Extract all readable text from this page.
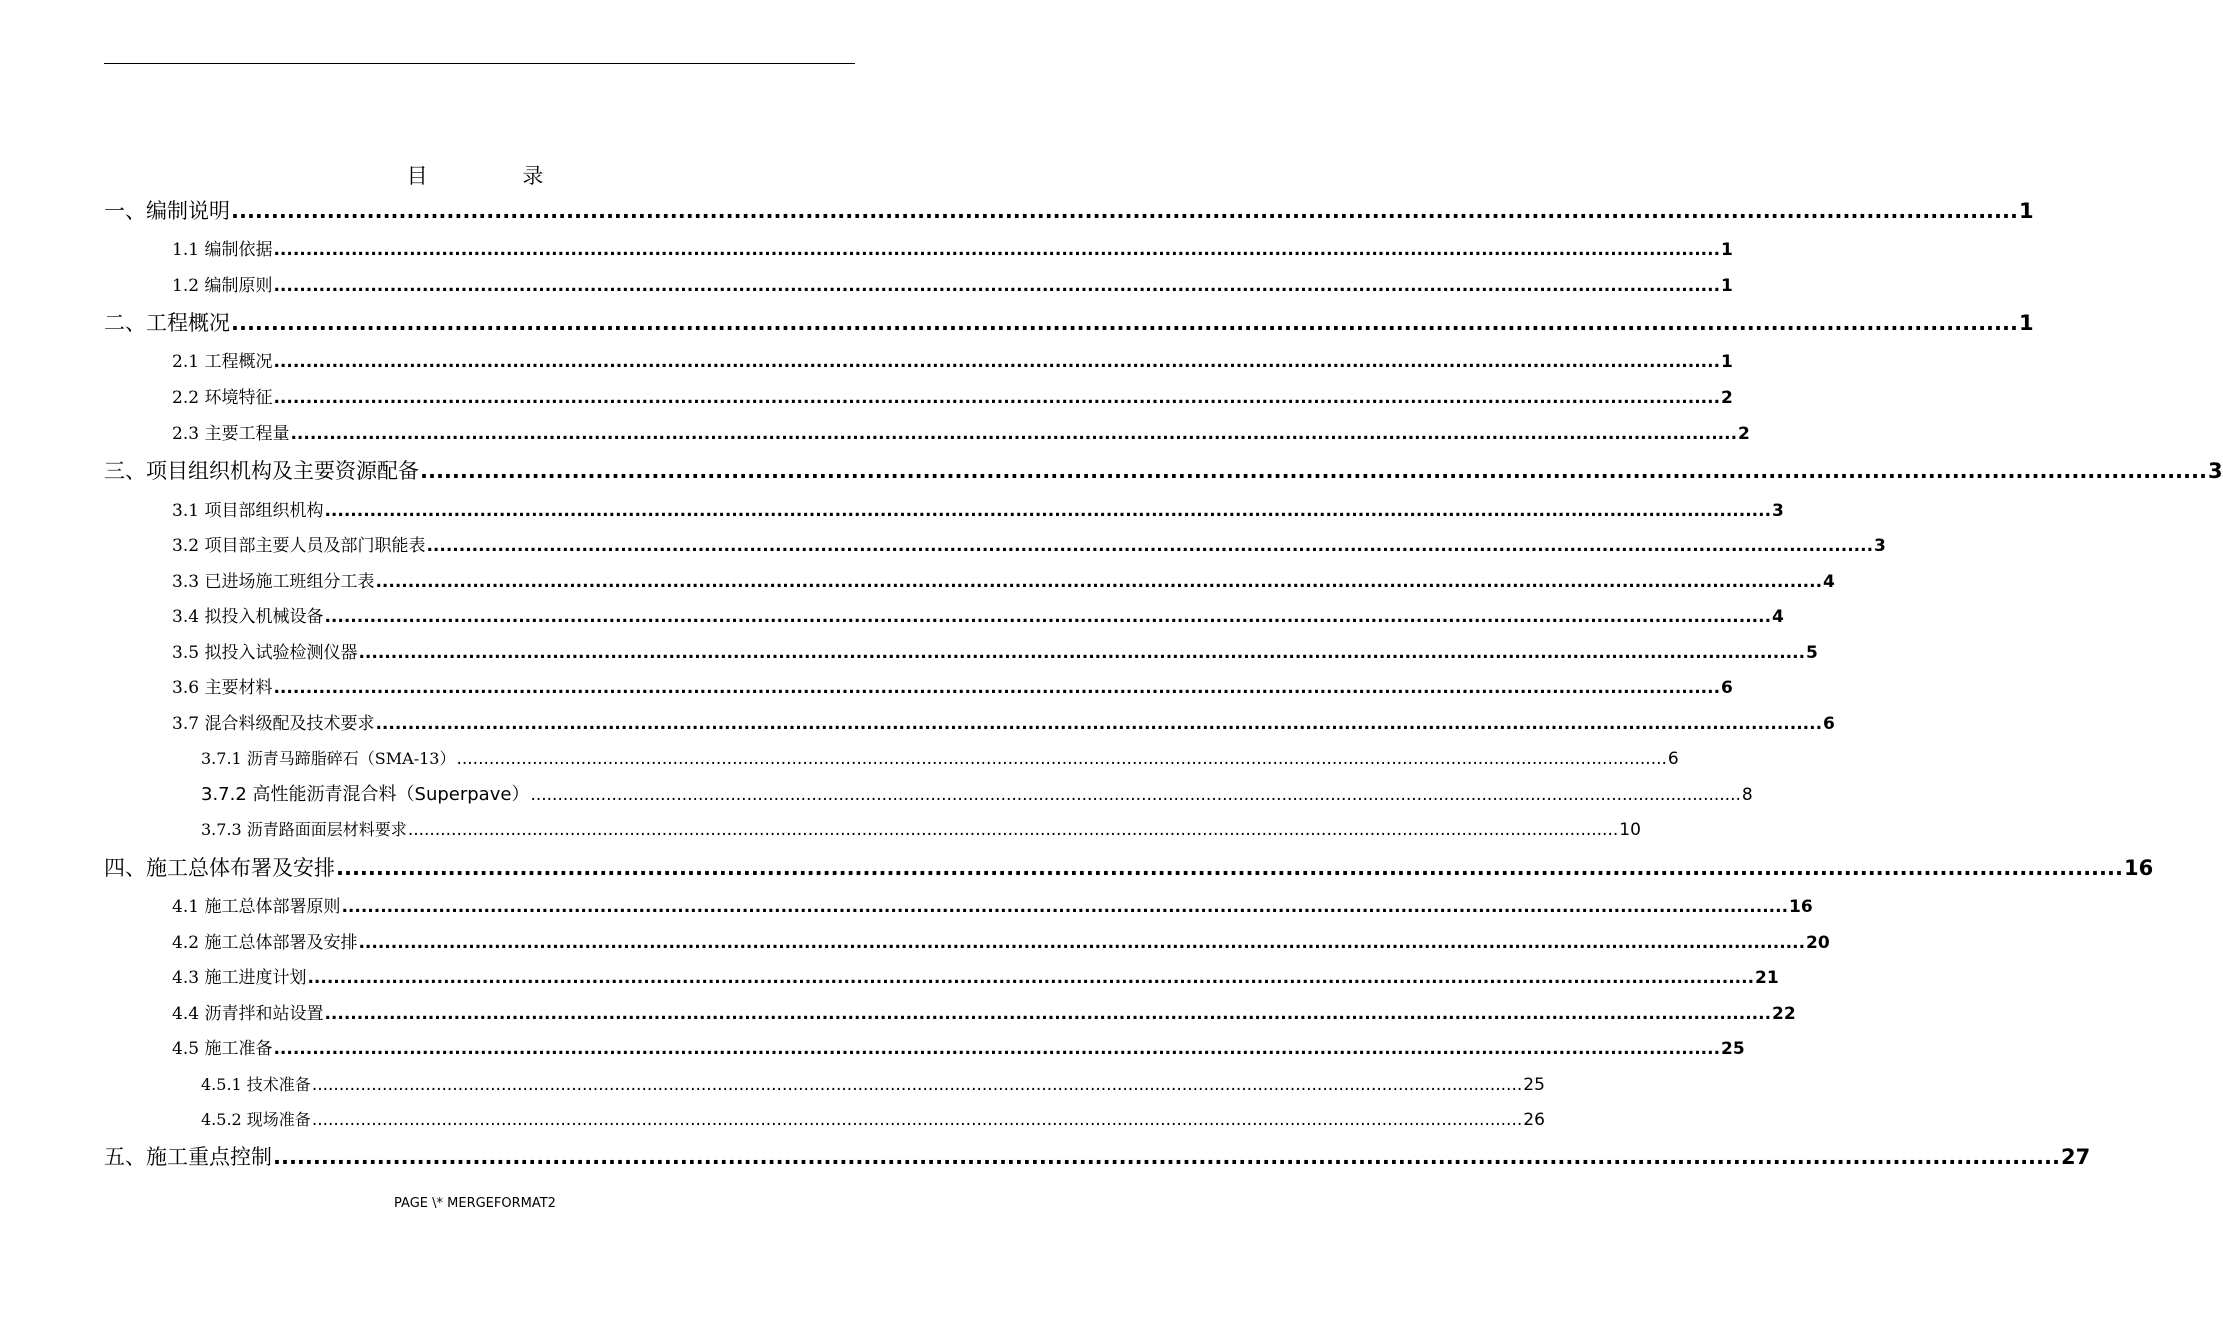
目 录
一、编制说明 ................................................................................................................................................................................................................................ 1
1.1 编制依据 ................................................................................................................................................................................................................................ 1
1.2 编制原则 ................................................................................................................................................................................................................................ 1
二、工程概况 ................................................................................................................................................................................................................................ 1
2.1 工程概况 ................................................................................................................................................................................................................................ 1
2.2 环境特征 ................................................................................................................................................................................................................................ 2
2.3 主要工程量 ................................................................................................................................................................................................................................ 2
三、项目组织机构及主要资源配备 ................................................................................................................................................................................................................................ 3
3.1 项目部组织机构 ................................................................................................................................................................................................................................ 3
3.2 项目部主要人员及部门职能表 ................................................................................................................................................................................................................................ 3
3.3 已进场施工班组分工表 ................................................................................................................................................................................................................................ 4
3.4 拟投入机械设备 ................................................................................................................................................................................................................................ 4
3.5 拟投入试验检测仪器 ................................................................................................................................................................................................................................ 5
3.6 主要材料 ................................................................................................................................................................................................................................ 6
3.7 混合料级配及技术要求 ................................................................................................................................................................................................................................ 6
3.7.1 沥青马蹄脂碎石（SMA-13） ................................................................................................................................................................................................................................ 6
3.7.2 高性能沥青混合料（Superpave） ................................................................................................................................................................................................................................ 8
3.7.3 沥青路面面层材料要求 ................................................................................................................................................................................................................................ 10
四、施工总体布署及安排 ................................................................................................................................................................................................................................ 16
4.1 施工总体部署原则 ................................................................................................................................................................................................................................ 16
4.2 施工总体部署及安排 ................................................................................................................................................................................................................................ 20
4.3 施工进度计划 ................................................................................................................................................................................................................................ 21
4.4 沥青拌和站设置 ................................................................................................................................................................................................................................ 22
4.5 施工准备 ................................................................................................................................................................................................................................ 25
4.5.1 技术准备 ................................................................................................................................................................................................................................ 25
4.5.2 现场准备 ................................................................................................................................................................................................................................ 26
五、施工重点控制 ................................................................................................................................................................................................................................ 27
PAGE \* MERGEFORMAT2
